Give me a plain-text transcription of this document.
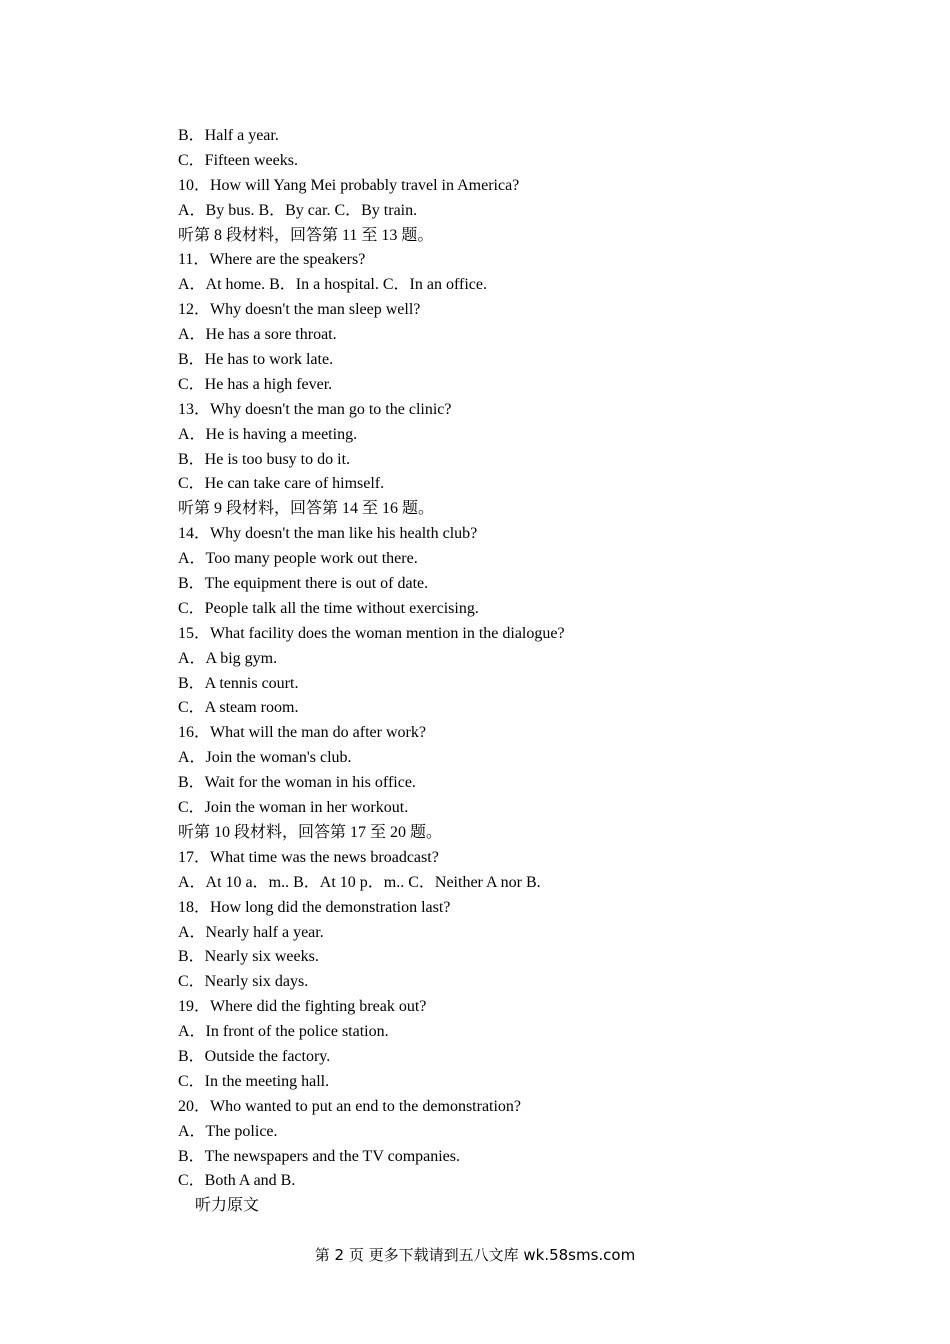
B．Half a year.
C．Fifteen weeks.
10．How will Yang Mei probably travel in America?
A．By bus. B．By car. C．By train.
听第 8 段材料，回答第 11 至 13 题。
11．Where are the speakers?
A．At home. B．In a hospital. C．In an office.
12．Why doesn't the man sleep well?
A．He has a sore throat.
B．He has to work late.
C．He has a high fever.
13．Why doesn't the man go to the clinic?
A．He is having a meeting.
B．He is too busy to do it.
C．He can take care of himself.
听第 9 段材料，回答第 14 至 16 题。
14．Why doesn't the man like his health club?
A．Too many people work out there.
B．The equipment there is out of date.
C．People talk all the time without exercising.
15．What facility does the woman mention in the dialogue?
A．A big gym.
B．A tennis court.
C．A steam room.
16．What will the man do after work?
A．Join the woman's club.
B．Wait for the woman in his office.
C．Join the woman in her workout.
听第 10 段材料，回答第 17 至 20 题。
17．What time was the news broadcast?
A．At 10 a．m.. B．At 10 p．m.. C．Neither A nor B.
18．How long did the demonstration last?
A．Nearly half a year.
B．Nearly six weeks.
C．Nearly six days.
19．Where did the fighting break out?
A．In front of the police station.
B．Outside the factory.
C．In the meeting hall.
20．Who wanted to put an end to the demonstration?
A．The police.
B．The newspapers and the TV companies.
C．Both A and B.
听力原文
第 2 页 更多下载请到五八文库 wk.58sms.com
